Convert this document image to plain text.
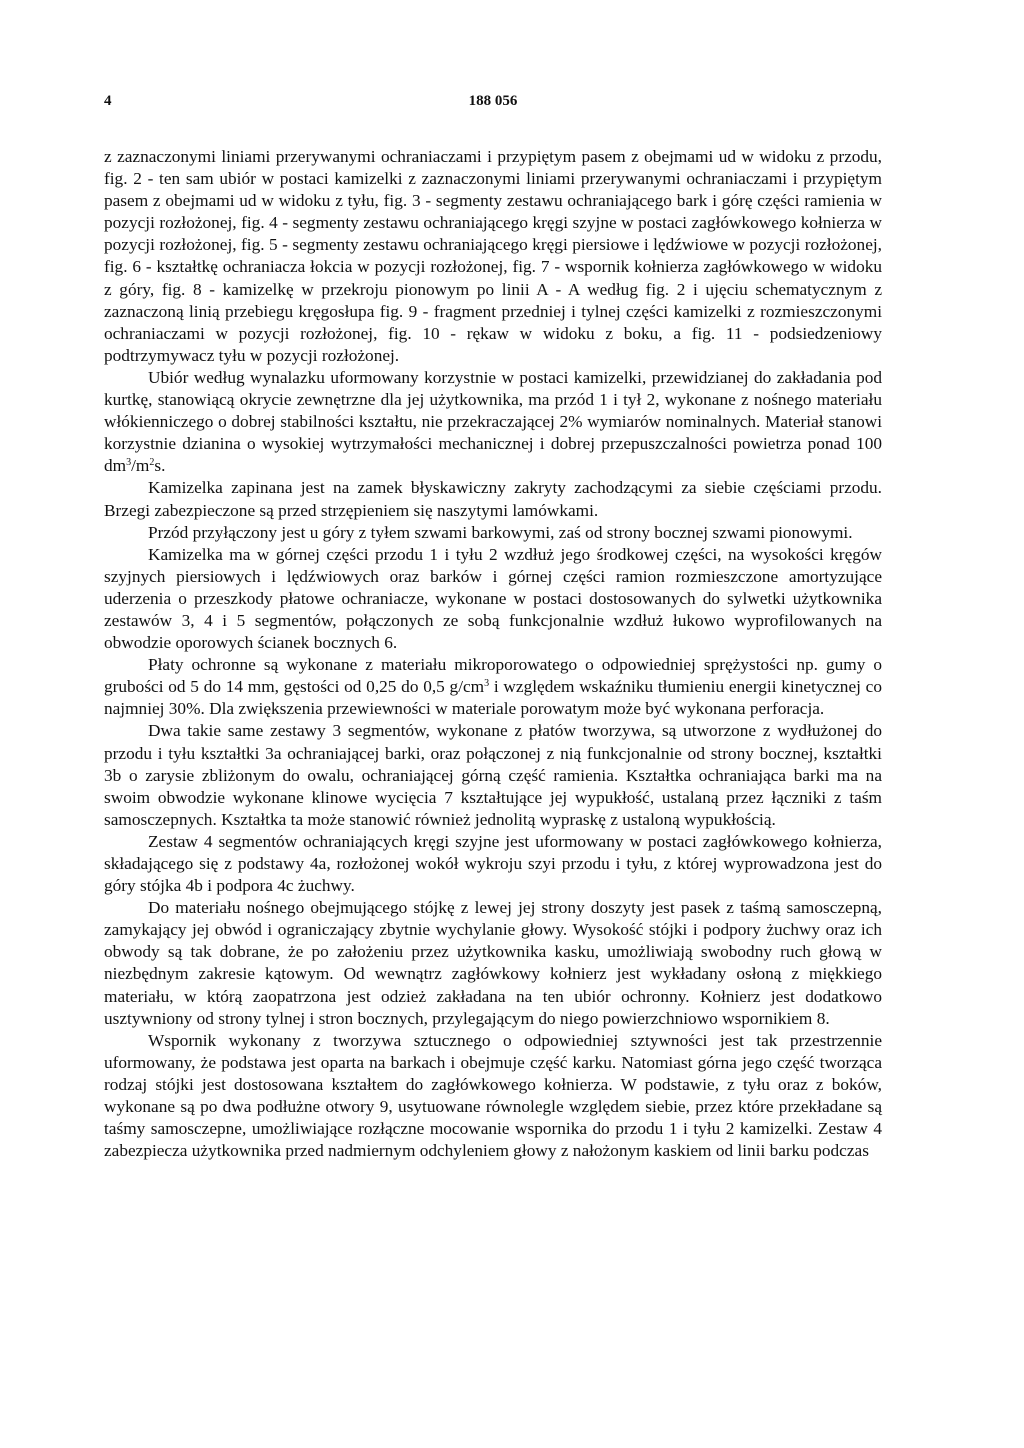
4	188 056

z zaznaczonymi liniami przerywanymi ochraniaczami i przypiętym pasem z obejmami ud w widoku z przodu, fig. 2 - ten sam ubiór w postaci kamizelki z zaznaczonymi liniami przerywanymi ochraniaczami i przypiętym pasem z obejmami ud w widoku z tyłu, fig. 3 - segmenty zestawu ochraniającego bark i górę części ramienia w pozycji rozłożonej, fig. 4 - segmenty zestawu ochraniającego kręgi szyjne w postaci zagłówkowego kołnierza w pozycji rozłożonej, fig. 5 - segmenty zestawu ochraniającego kręgi piersiowe i lędźwiowe w pozycji rozłożonej, fig. 6 - kształtkę ochraniacza łokcia w pozycji rozłożonej, fig. 7 - wspornik kołnierza zagłówkowego w widoku z góry, fig. 8 - kamizelkę w przekroju pionowym po linii A - A według fig. 2 i ujęciu schematycznym z zaznaczoną linią przebiegu kręgosłupa fig. 9 - fragment przedniej i tylnej części kamizelki z rozmieszczonymi ochraniaczami w pozycji rozłożonej, fig. 10 - rękaw w widoku z boku, a fig. 11 - podsiedzeniowy podtrzymywacz tyłu w pozycji rozłożonej.

Ubiór według wynalazku uformowany korzystnie w postaci kamizelki, przewidzianej do zakładania pod kurtkę, stanowiącą okrycie zewnętrzne dla jej użytkownika, ma przód 1 i tył 2, wykonane z nośnego materiału włókienniczego o dobrej stabilności kształtu, nie przekraczającej 2% wymiarów nominalnych. Materiał stanowi korzystnie dzianina o wysokiej wytrzymałości mechanicznej i dobrej przepuszczalności powietrza ponad 100 $dm^3/m^2s$.

Kamizelka zapinana jest na zamek błyskawiczny zakryty zachodzącymi za siebie częściami przodu. Brzegi zabezpieczone są przed strzępieniem się naszytymi lamówkami.

Przód przyłączony jest u góry z tyłem szwami barkowymi, zaś od strony bocznej szwami pionowymi.

Kamizelka ma w górnej części przodu 1 i tyłu 2 wzdłuż jego środkowej części, na wysokości kręgów szyjnych piersiowych i lędźwiowych oraz barków i górnej części ramion rozmieszczone amortyzujące uderzenia o przeszkody płatowe ochraniacze, wykonane w postaci dostosowanych do sylwetki użytkownika zestawów 3, 4 i 5 segmentów, połączonych ze sobą funkcjonalnie wzdłuż łukowo wyprofilowanych na obwodzie oporowych ścianek bocznych 6.

Płaty ochronne są wykonane z materiału mikroporowatego o odpowiedniej sprężystości np. gumy o grubości od 5 do 14 mm, gęstości od 0,25 do 0,5 $g/cm^3$ i względem wskaźniku tłumieniu energii kinetycznej co najmniej 30%. Dla zwiększenia przewiewności w materiale porowatym może być wykonana perforacja.

Dwa takie same zestawy 3 segmentów, wykonane z płatów tworzywa, są utworzone z wydłużonej do przodu i tyłu kształtki 3a ochraniającej barki, oraz połączonej z nią funkcjonalnie od strony bocznej, kształtki 3b o zarysie zbliżonym do owalu, ochraniającej górną część ramienia. Kształtka ochraniająca barki ma na swoim obwodzie wykonane klinowe wycięcia 7 kształtujące jej wypukłość, ustalaną przez łączniki z taśm samosczepnych. Kształtka ta może stanowić również jednolitą wypraskę z ustaloną wypukłością.

Zestaw 4 segmentów ochraniających kręgi szyjne jest uformowany w postaci zagłówkowego kołnierza, składającego się z podstawy 4a, rozłożonej wokół wykroju szyi przodu i tyłu, z której wyprowadzona jest do góry stójka 4b i podpora 4c żuchwy.

Do materiału nośnego obejmującego stójkę z lewej jej strony doszyty jest pasek z taśmą samosczepną, zamykający jej obwód i ograniczający zbytnie wychylanie głowy. Wysokość stójki i podpory żuchwy oraz ich obwody są tak dobrane, że po założeniu przez użytkownika kasku, umożliwiają swobodny ruch głową w niezbędnym zakresie kątowym. Od wewnątrz zagłówkowy kołnierz jest wykładany osłoną z miękkiego materiału, w którą zaopatrzona jest odzież zakładana na ten ubiór ochronny. Kołnierz jest dodatkowo usztywniony od strony tylnej i stron bocznych, przylegającym do niego powierzchniowo wspornikiem 8.

Wspornik wykonany z tworzywa sztucznego o odpowiedniej sztywności jest tak przestrzennie uformowany, że podstawa jest oparta na barkach i obejmuje część karku. Natomiast górna jego część tworząca rodzaj stójki jest dostosowana kształtem do zagłówkowego kołnierza. W podstawie, z tyłu oraz z boków, wykonane są po dwa podłużne otwory 9, usytuowane równolegle względem siebie, przez które przekładane są taśmy samosczepne, umożliwiające rozłączne mocowanie wspornika do przodu 1 i tyłu 2 kamizelki. Zestaw 4 zabezpiecza użytkownika przed nadmiernym odchyleniem głowy z nałożonym kaskiem od linii barku podczas
